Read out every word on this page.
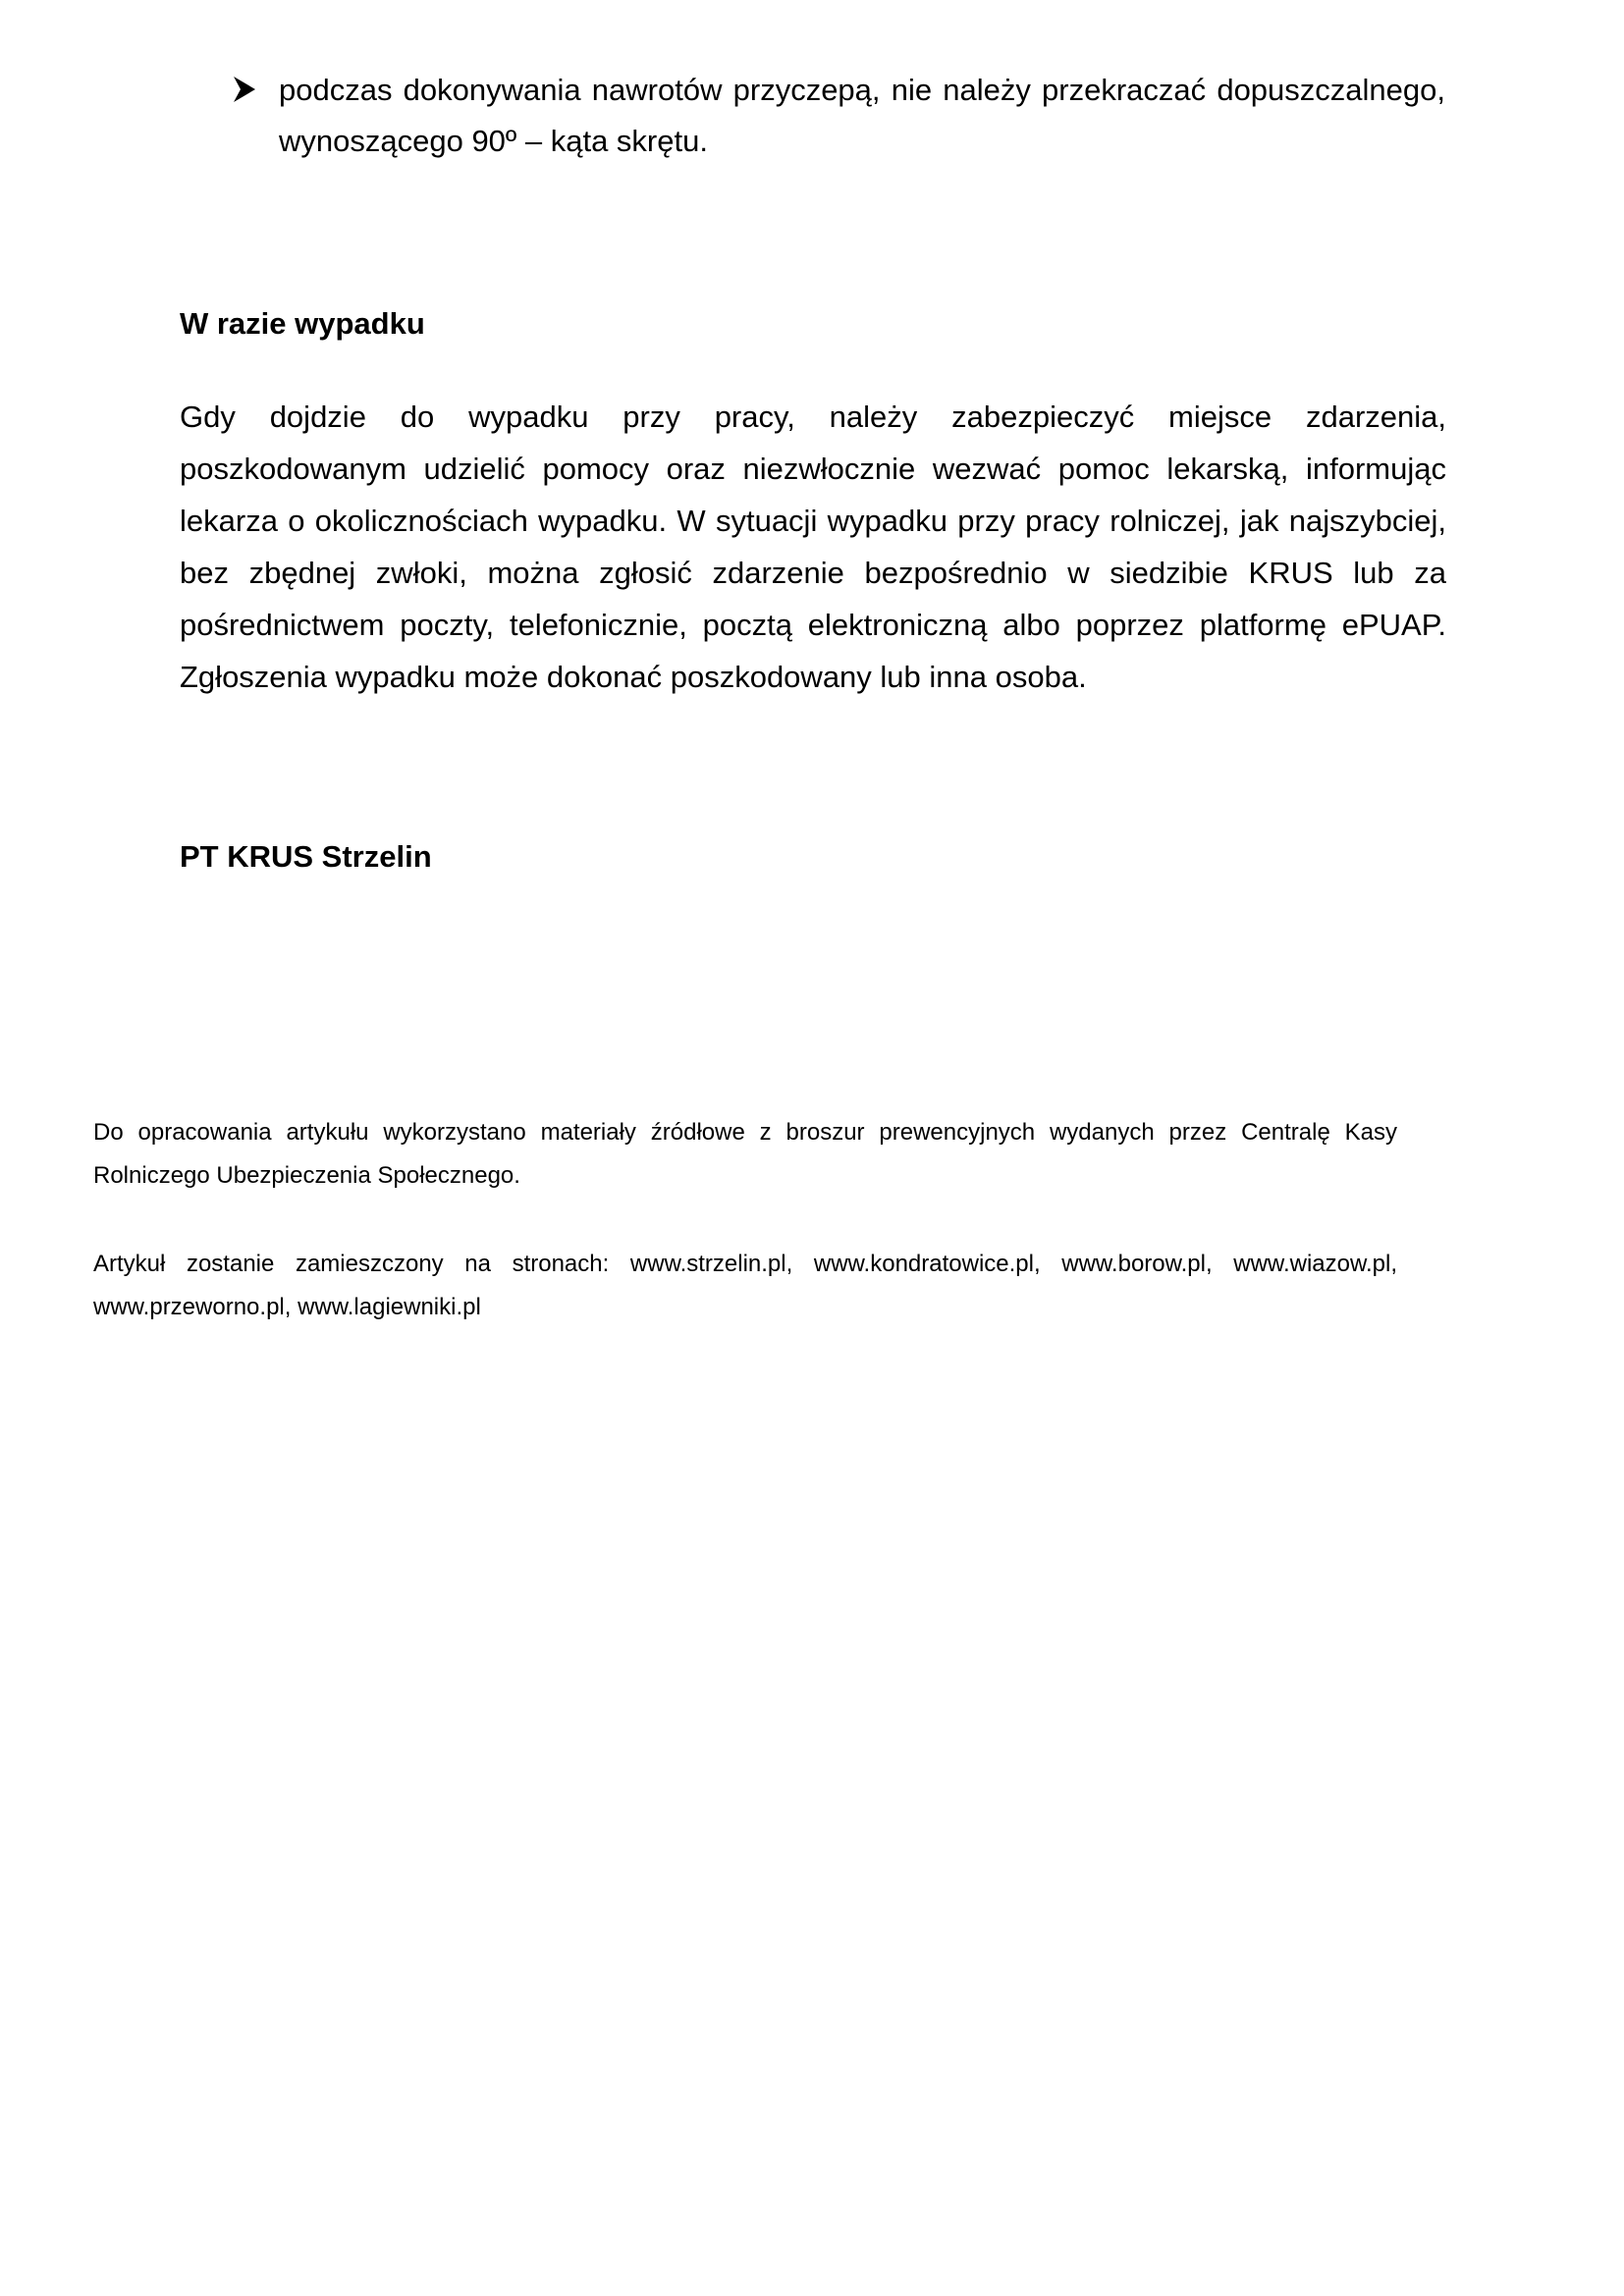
podczas dokonywania nawrotów przyczepą, nie należy przekraczać dopuszczalnego, wynoszącego 90º – kąta skrętu.
W razie wypadku

Gdy dojdzie do wypadku przy pracy, należy zabezpieczyć miejsce zdarzenia, poszkodowanym udzielić pomocy oraz niezwłocznie wezwać pomoc lekarską, informując lekarza o okolicznościach wypadku. W sytuacji wypadku przy pracy rolniczej, jak najszybciej, bez zbędnej zwłoki, można zgłosić zdarzenie bezpośrednio w siedzibie KRUS lub za pośrednictwem poczty, telefonicznie, pocztą elektroniczną albo poprzez platformę ePUAP. Zgłoszenia wypadku może dokonać poszkodowany lub inna osoba.

PT KRUS Strzelin

Do opracowania artykułu wykorzystano materiały źródłowe z broszur prewencyjnych wydanych przez Centralę Kasy Rolniczego Ubezpieczenia Społecznego.

Artykuł zostanie zamieszczony na stronach: www.strzelin.pl, www.kondratowice.pl, www.borow.pl, www.wiazow.pl, www.przeworno.pl, www.lagiewniki.pl
